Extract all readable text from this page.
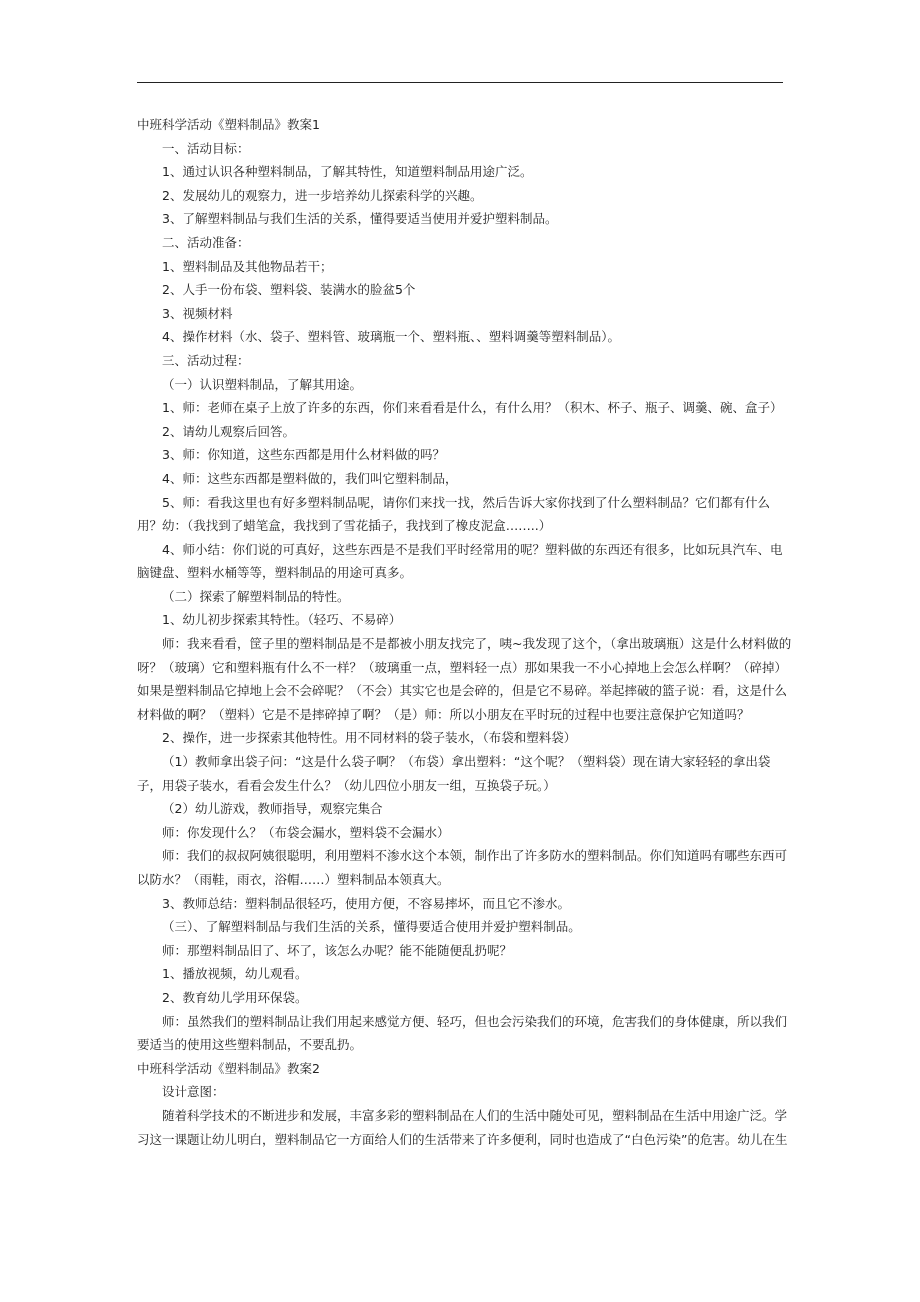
中班科学活动《塑料制品》教案1

一、活动目标：

1、通过认识各种塑料制品，了解其特性，知道塑料制品用途广泛。

2、发展幼儿的观察力，进一步培养幼儿探索科学的兴趣。

3、了解塑料制品与我们生活的关系，懂得要适当使用并爱护塑料制品。

二、活动准备：

1、塑料制品及其他物品若干；

2、人手一份布袋、塑料袋、装满水的脸盆5个

3、视频材料

4、操作材料（水、袋子、塑料管、玻璃瓶一个、塑料瓶、、塑料调羹等塑料制品）。

三、活动过程：

（一）认识塑料制品，了解其用途。

1、师：老师在桌子上放了许多的东西，你们来看看是什么，有什么用？（积木、杯子、瓶子、调羹、碗、盒子）

2、请幼儿观察后回答。

3、师：你知道，这些东西都是用什么材料做的吗？

4、师：这些东西都是塑料做的，我们叫它塑料制品，

5、师：看我这里也有好多塑料制品呢，请你们来找一找，然后告诉大家你找到了什么塑料制品？它们都有什么用？幼：（我找到了蜡笔盒，我找到了雪花插子，我找到了橡皮泥盒……..）

4、师小结：你们说的可真好，这些东西是不是我们平时经常用的呢？塑料做的东西还有很多，比如玩具汽车、电脑键盘、塑料水桶等等，塑料制品的用途可真多。

（二）探索了解塑料制品的特性。

1、幼儿初步探索其特性。（轻巧、不易碎）

师：我来看看，筐子里的塑料制品是不是都被小朋友找完了，咦~我发现了这个，（拿出玻璃瓶）这是什么材料做的呀？（玻璃）它和塑料瓶有什么不一样？（玻璃重一点，塑料轻一点）那如果我一不小心掉地上会怎么样啊？（碎掉）如果是塑料制品它掉地上会不会碎呢？（不会）其实它也是会碎的，但是它不易碎。举起摔破的篮子说：看，这是什么材料做的啊？（塑料）它是不是摔碎掉了啊？（是）师：所以小朋友在平时玩的过程中也要注意保护它知道吗？

2、操作，进一步探索其他特性。用不同材料的袋子装水，（布袋和塑料袋）

（1）教师拿出袋子问：“这是什么袋子啊？（布袋）拿出塑料：“这个呢？（塑料袋）现在请大家轻轻的拿出袋子，用袋子装水，看看会发生什么？（幼儿四位小朋友一组，互换袋子玩。）

（2）幼儿游戏，教师指导，观察完集合

师：你发现什么？（布袋会漏水，塑料袋不会漏水）

师：我们的叔叔阿姨很聪明，利用塑料不渗水这个本领，制作出了许多防水的塑料制品。你们知道吗有哪些东西可以防水？（雨鞋，雨衣，浴帽……）塑料制品本领真大。

3、教师总结：塑料制品很轻巧，使用方便，不容易摔坏，而且它不渗水。

（三）、了解塑料制品与我们生活的关系，懂得要适合使用并爱护塑料制品。

师：那塑料制品旧了、坏了，该怎么办呢？能不能随便乱扔呢？

1、播放视频，幼儿观看。

2、教育幼儿学用环保袋。

师：虽然我们的塑料制品让我们用起来感觉方便、轻巧，但也会污染我们的环境，危害我们的身体健康，所以我们要适当的使用这些塑料制品，不要乱扔。

中班科学活动《塑料制品》教案2

设计意图：

随着科学技术的不断进步和发展，丰富多彩的塑料制品在人们的生活中随处可见，塑料制品在生活中用途广泛。学习这一课题让幼儿明白，塑料制品它一方面给人们的生活带来了许多便利，同时也造成了“白色污染”的危害。幼儿在生
